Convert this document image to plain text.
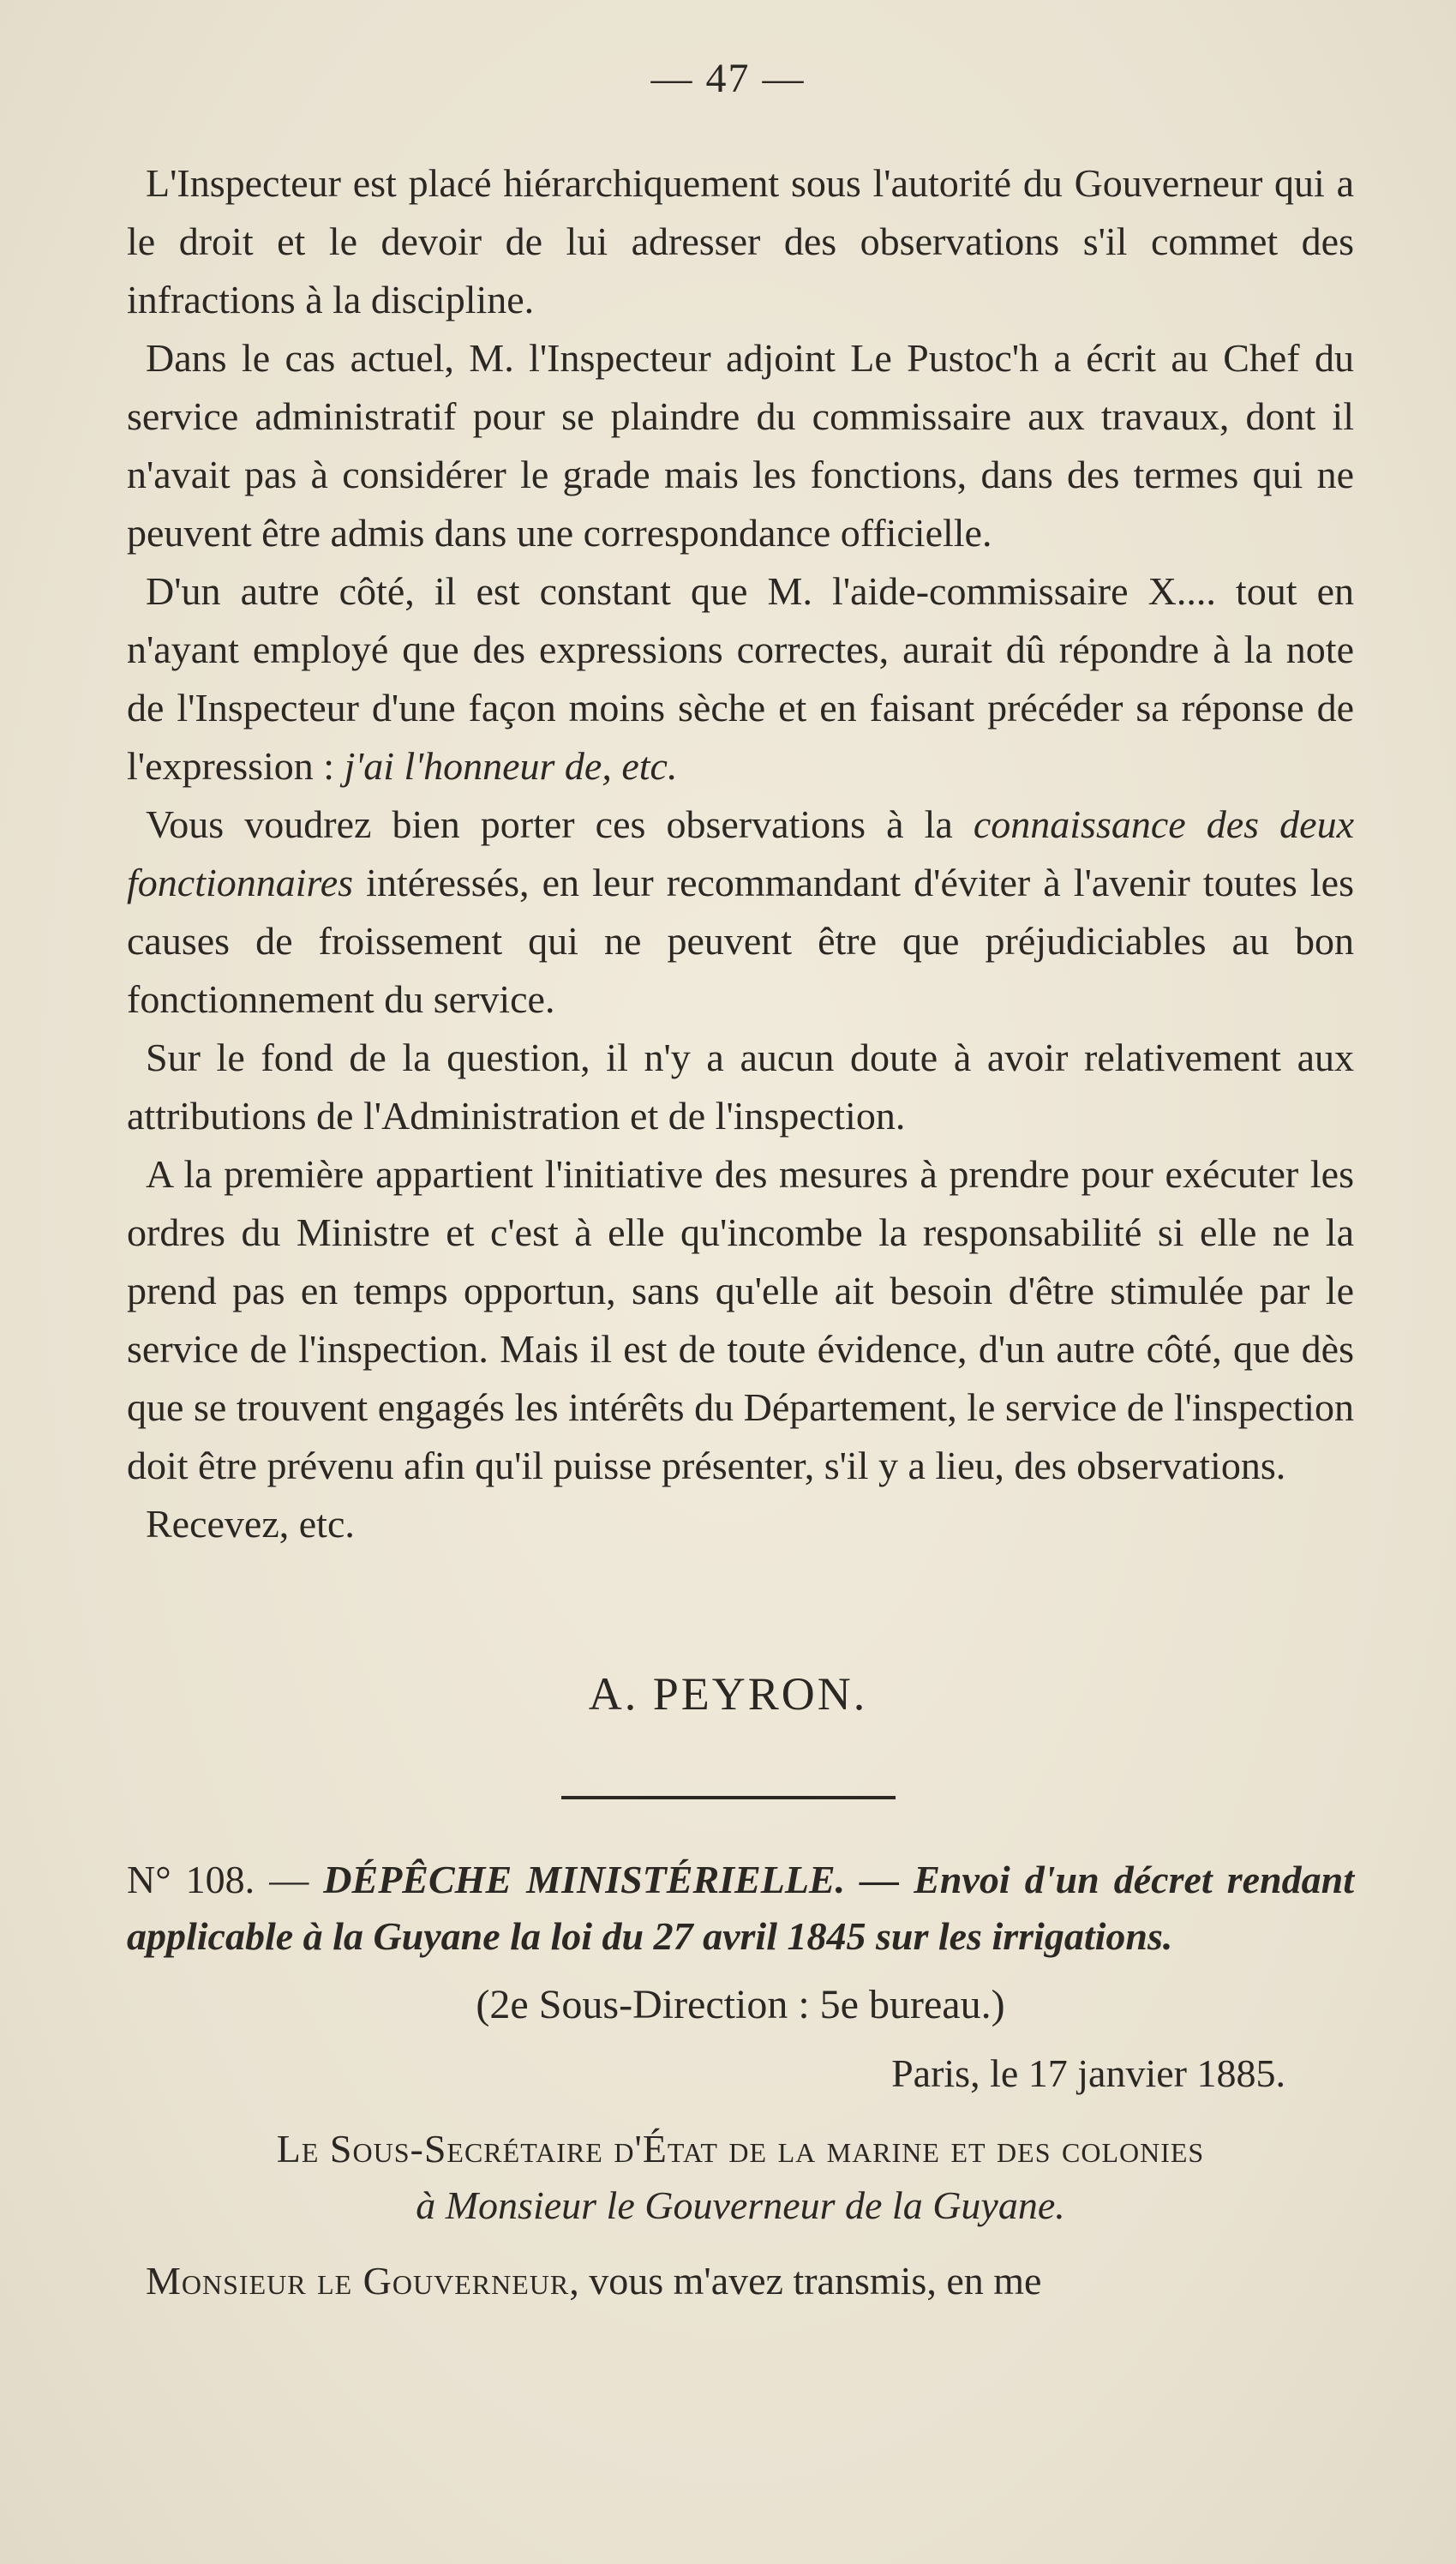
— 47 —

L'Inspecteur est placé hiérarchiquement sous l'autorité du Gouverneur qui a le droit et le devoir de lui adresser des observations s'il commet des infractions à la discipline.

Dans le cas actuel, M. l'Inspecteur adjoint Le Pustoc'h a écrit au Chef du service administratif pour se plaindre du commissaire aux travaux, dont il n'avait pas à considérer le grade mais les fonctions, dans des termes qui ne peuvent être admis dans une correspondance officielle.

D'un autre côté, il est constant que M. l'aide-commissaire X.... tout en n'ayant employé que des expressions correctes, aurait dû répondre à la note de l'Inspecteur d'une façon moins sèche et en faisant précéder sa réponse de l'expression : j'ai l'honneur de, etc.

Vous voudrez bien porter ces observations à la connaissance des deux fonctionnaires intéressés, en leur recommandant d'éviter à l'avenir toutes les causes de froissement qui ne peuvent être que préjudiciables au bon fonctionnement du service.

Sur le fond de la question, il n'y a aucun doute à avoir relativement aux attributions de l'Administration et de l'inspection.

A la première appartient l'initiative des mesures à prendre pour exécuter les ordres du Ministre et c'est à elle qu'incombe la responsabilité si elle ne la prend pas en temps opportun, sans qu'elle ait besoin d'être stimulée par le service de l'inspection. Mais il est de toute évidence, d'un autre côté, que dès que se trouvent engagés les intérêts du Département, le service de l'inspection doit être prévenu afin qu'il puisse présenter, s'il y a lieu, des observations.

Recevez, etc.

A. PEYRON.

N° 108. — DÉPÊCHE MINISTÉRIELLE. — Envoi d'un décret rendant applicable à la Guyane la loi du 27 avril 1845 sur les irrigations.

(2e Sous-Direction : 5e bureau.)

Paris, le 17 janvier 1885.

Le Sous-Secrétaire d'État de la marine et des colonies

à Monsieur le Gouverneur de la Guyane.

Monsieur le Gouverneur, vous m'avez transmis, en me
